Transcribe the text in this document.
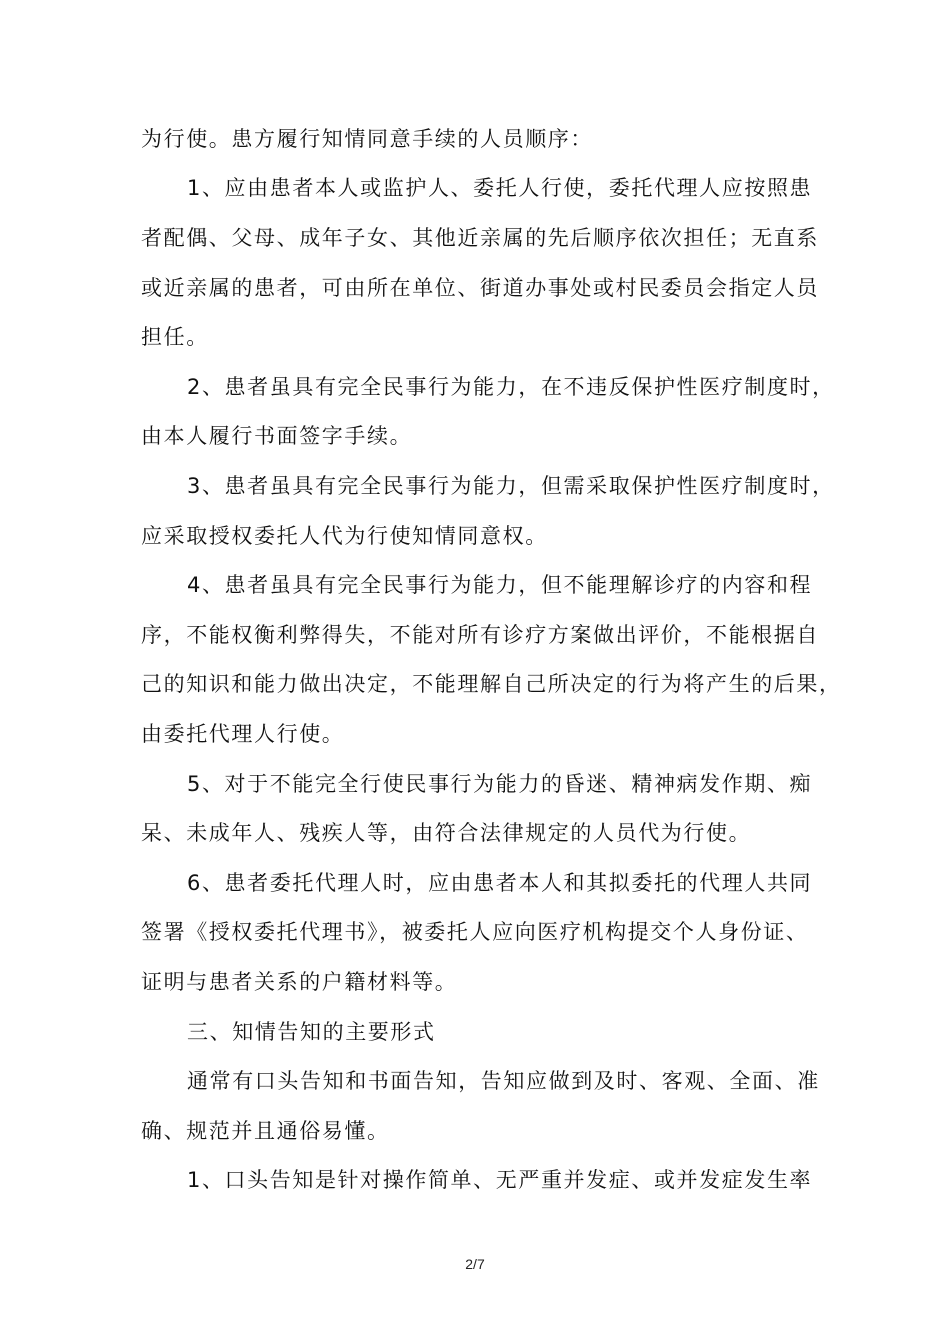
为行使。患方履行知情同意手续的人员顺序：
1、应由患者本人或监护人、委托人行使，委托代理人应按照患
者配偶、父母、成年子女、其他近亲属的先后顺序依次担任；无直系
或近亲属的患者，可由所在单位、街道办事处或村民委员会指定人员
担任。
2、患者虽具有完全民事行为能力，在不违反保护性医疗制度时，
由本人履行书面签字手续。
3、患者虽具有完全民事行为能力，但需采取保护性医疗制度时，
应采取授权委托人代为行使知情同意权。
4、患者虽具有完全民事行为能力，但不能理解诊疗的内容和程
序，不能权衡利弊得失，不能对所有诊疗方案做出评价，不能根据自
己的知识和能力做出决定，不能理解自己所决定的行为将产生的后果，
由委托代理人行使。
5、对于不能完全行使民事行为能力的昏迷、精神病发作期、痴
呆、未成年人、残疾人等，由符合法律规定的人员代为行使。
6、患者委托代理人时，应由患者本人和其拟委托的代理人共同
签署《授权委托代理书》，被委托人应向医疗机构提交个人身份证、
证明与患者关系的户籍材料等。
三、知情告知的主要形式
通常有口头告知和书面告知，告知应做到及时、客观、全面、准
确、规范并且通俗易懂。
1、口头告知是针对操作简单、无严重并发症、或并发症发生率
2/7
